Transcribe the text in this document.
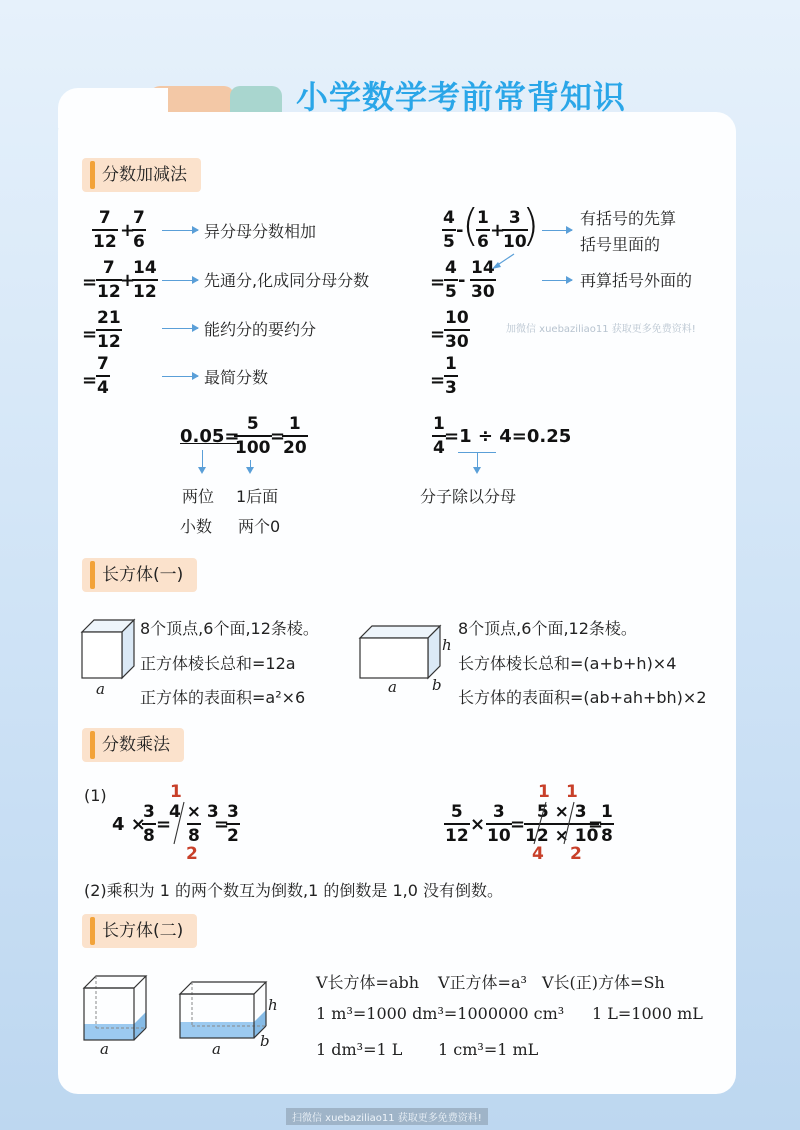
小学数学考前常背知识
分数加减法
$\frac{7}{12}$ +
$\frac{7}{6}$	异分母分数相加
=
$\frac{7}{12}$
+
$\frac{14}{12}$	先通分,化成同分母分数
=
$\frac{21}{12}$	能约分的要约分
=
$\frac{7}{4}$	最简分数
$\frac{4}{5}$ -
(
$\frac{1}{6}$ +
$\frac{3}{10}$
)	有括号的先算
括号里面的
=
$\frac{4}{5} - \frac{14}{30}$	再算括号外面的
=
$\frac{10}{30}$	加微信 xuebaziliao11 获取更多免费资料!
=
$\frac{1}{3}$
0.05=
$\frac{5}{100}$
=
$\frac{1}{20}$
两位 1后面
小数 两个0
$\frac{1}{4}$
=1 ÷ 4=0.25
分子除以分母
长方体(一)
a
8个顶点,6个面,12条棱。
正方体棱长总和=12a
正方体的表面积=a²×6
h
a b
8个顶点,6个面,12条棱。
长方体棱长总和=(a+b+h)×4
长方体的表面积=(ab+ah+bh)×2
分数乘法
(1)
4 ×
$\frac{3}{8}$ =
1
$\frac{4 \times 3}{8}$
2
=
$\frac{3}{2}$	$\frac{5}{12} \times \frac{3}{10}$
=
1 1
$\frac{5 \times 3}{12 \times 10}$
4 2
=
$\frac{1}{8}$
(2)乘积为 1 的两个数互为倒数,1 的倒数是 1,0 没有倒数。
长方体(二)
a	a
h
b
V长方体=abh V正方体=a³ V长(正)方体=Sh
1 m³=1000 dm³=1000000 cm³ 1 L=1000 mL
1 dm³=1 L 1 cm³=1 mL
扫微信 xuebaziliao11 获取更多免费资料!
